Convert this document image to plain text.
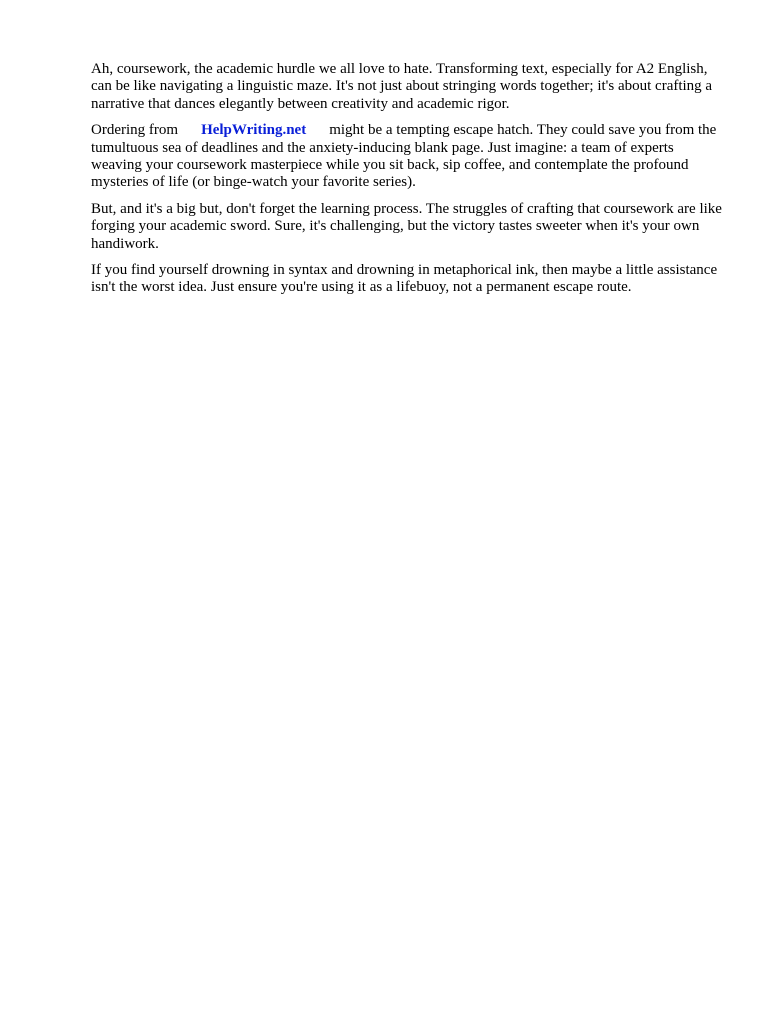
Ah, coursework, the academic hurdle we all love to hate. Transforming text, especially for A2 English, can be like navigating a linguistic maze. It's not just about stringing words together; it's about crafting a narrative that dances elegantly between creativity and academic rigor.

Ordering from HelpWriting.net might be a tempting escape hatch. They could save you from the tumultuous sea of deadlines and the anxiety-inducing blank page. Just imagine: a team of experts weaving your coursework masterpiece while you sit back, sip coffee, and contemplate the profound mysteries of life (or binge-watch your favorite series).

But, and it's a big but, don't forget the learning process. The struggles of crafting that coursework are like forging your academic sword. Sure, it's challenging, but the victory tastes sweeter when it's your own handiwork.

If you find yourself drowning in syntax and drowning in metaphorical ink, then maybe a little assistance isn't the worst idea. Just ensure you're using it as a lifebuoy, not a permanent escape route.
